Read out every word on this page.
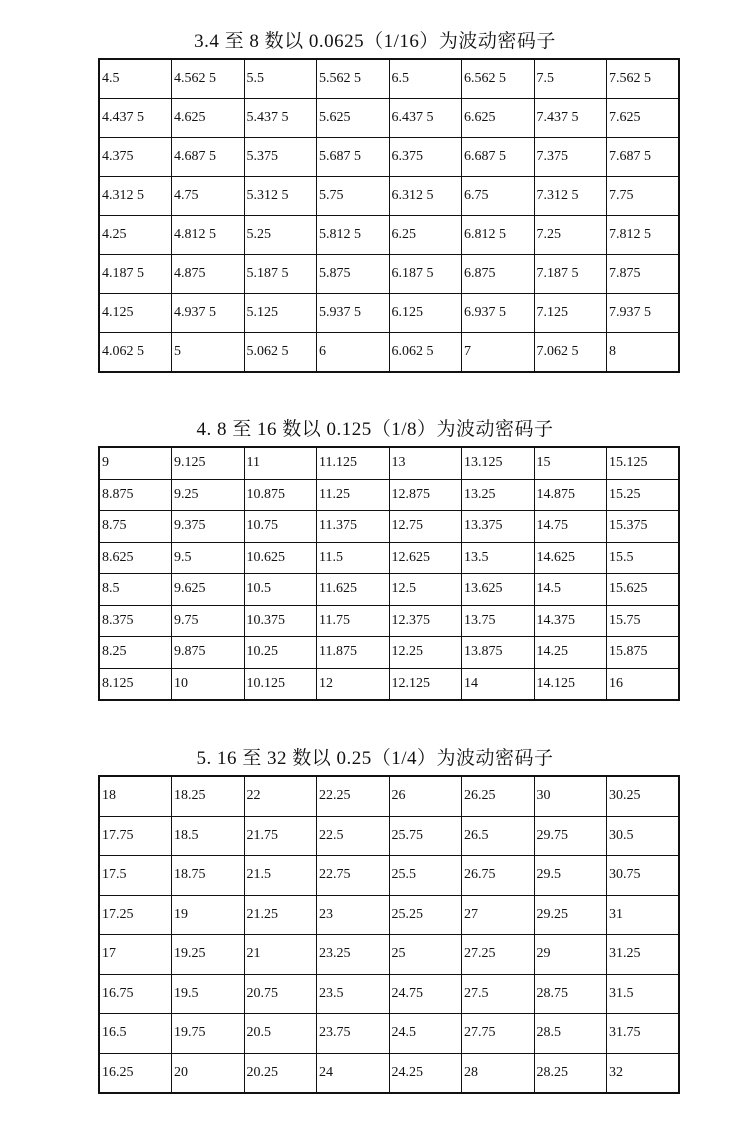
3.4 至 8 数以 0.0625（1/16）为波动密码子
4.5	4.562 5	5.5	5.562 5	6.5	6.562 5	7.5	7.562 5
4.437 5	4.625	5.437 5	5.625	6.437 5	6.625	7.437 5	7.625
4.375	4.687 5	5.375	5.687 5	6.375	6.687 5	7.375	7.687 5
4.312 5	4.75	5.312 5	5.75	6.312 5	6.75	7.312 5	7.75
4.25	4.812 5	5.25	5.812 5	6.25	6.812 5	7.25	7.812 5
4.187 5	4.875	5.187 5	5.875	6.187 5	6.875	7.187 5	7.875
4.125	4.937 5	5.125	5.937 5	6.125	6.937 5	7.125	7.937 5
4.062 5	5	5.062 5	6	6.062 5	7	7.062 5	8
4. 8 至 16 数以 0.125（1/8）为波动密码子
9	9.125	11	11.125	13	13.125	15	15.125
8.875	9.25	10.875	11.25	12.875	13.25	14.875	15.25
8.75	9.375	10.75	11.375	12.75	13.375	14.75	15.375
8.625	9.5	10.625	11.5	12.625	13.5	14.625	15.5
8.5	9.625	10.5	11.625	12.5	13.625	14.5	15.625
8.375	9.75	10.375	11.75	12.375	13.75	14.375	15.75
8.25	9.875	10.25	11.875	12.25	13.875	14.25	15.875
8.125	10	10.125	12	12.125	14	14.125	16
5. 16 至 32 数以 0.25（1/4）为波动密码子
18	18.25	22	22.25	26	26.25	30	30.25
17.75	18.5	21.75	22.5	25.75	26.5	29.75	30.5
17.5	18.75	21.5	22.75	25.5	26.75	29.5	30.75
17.25	19	21.25	23	25.25	27	29.25	31
17	19.25	21	23.25	25	27.25	29	31.25
16.75	19.5	20.75	23.5	24.75	27.5	28.75	31.5
16.5	19.75	20.5	23.75	24.5	27.75	28.5	31.75
16.25	20	20.25	24	24.25	28	28.25	32
